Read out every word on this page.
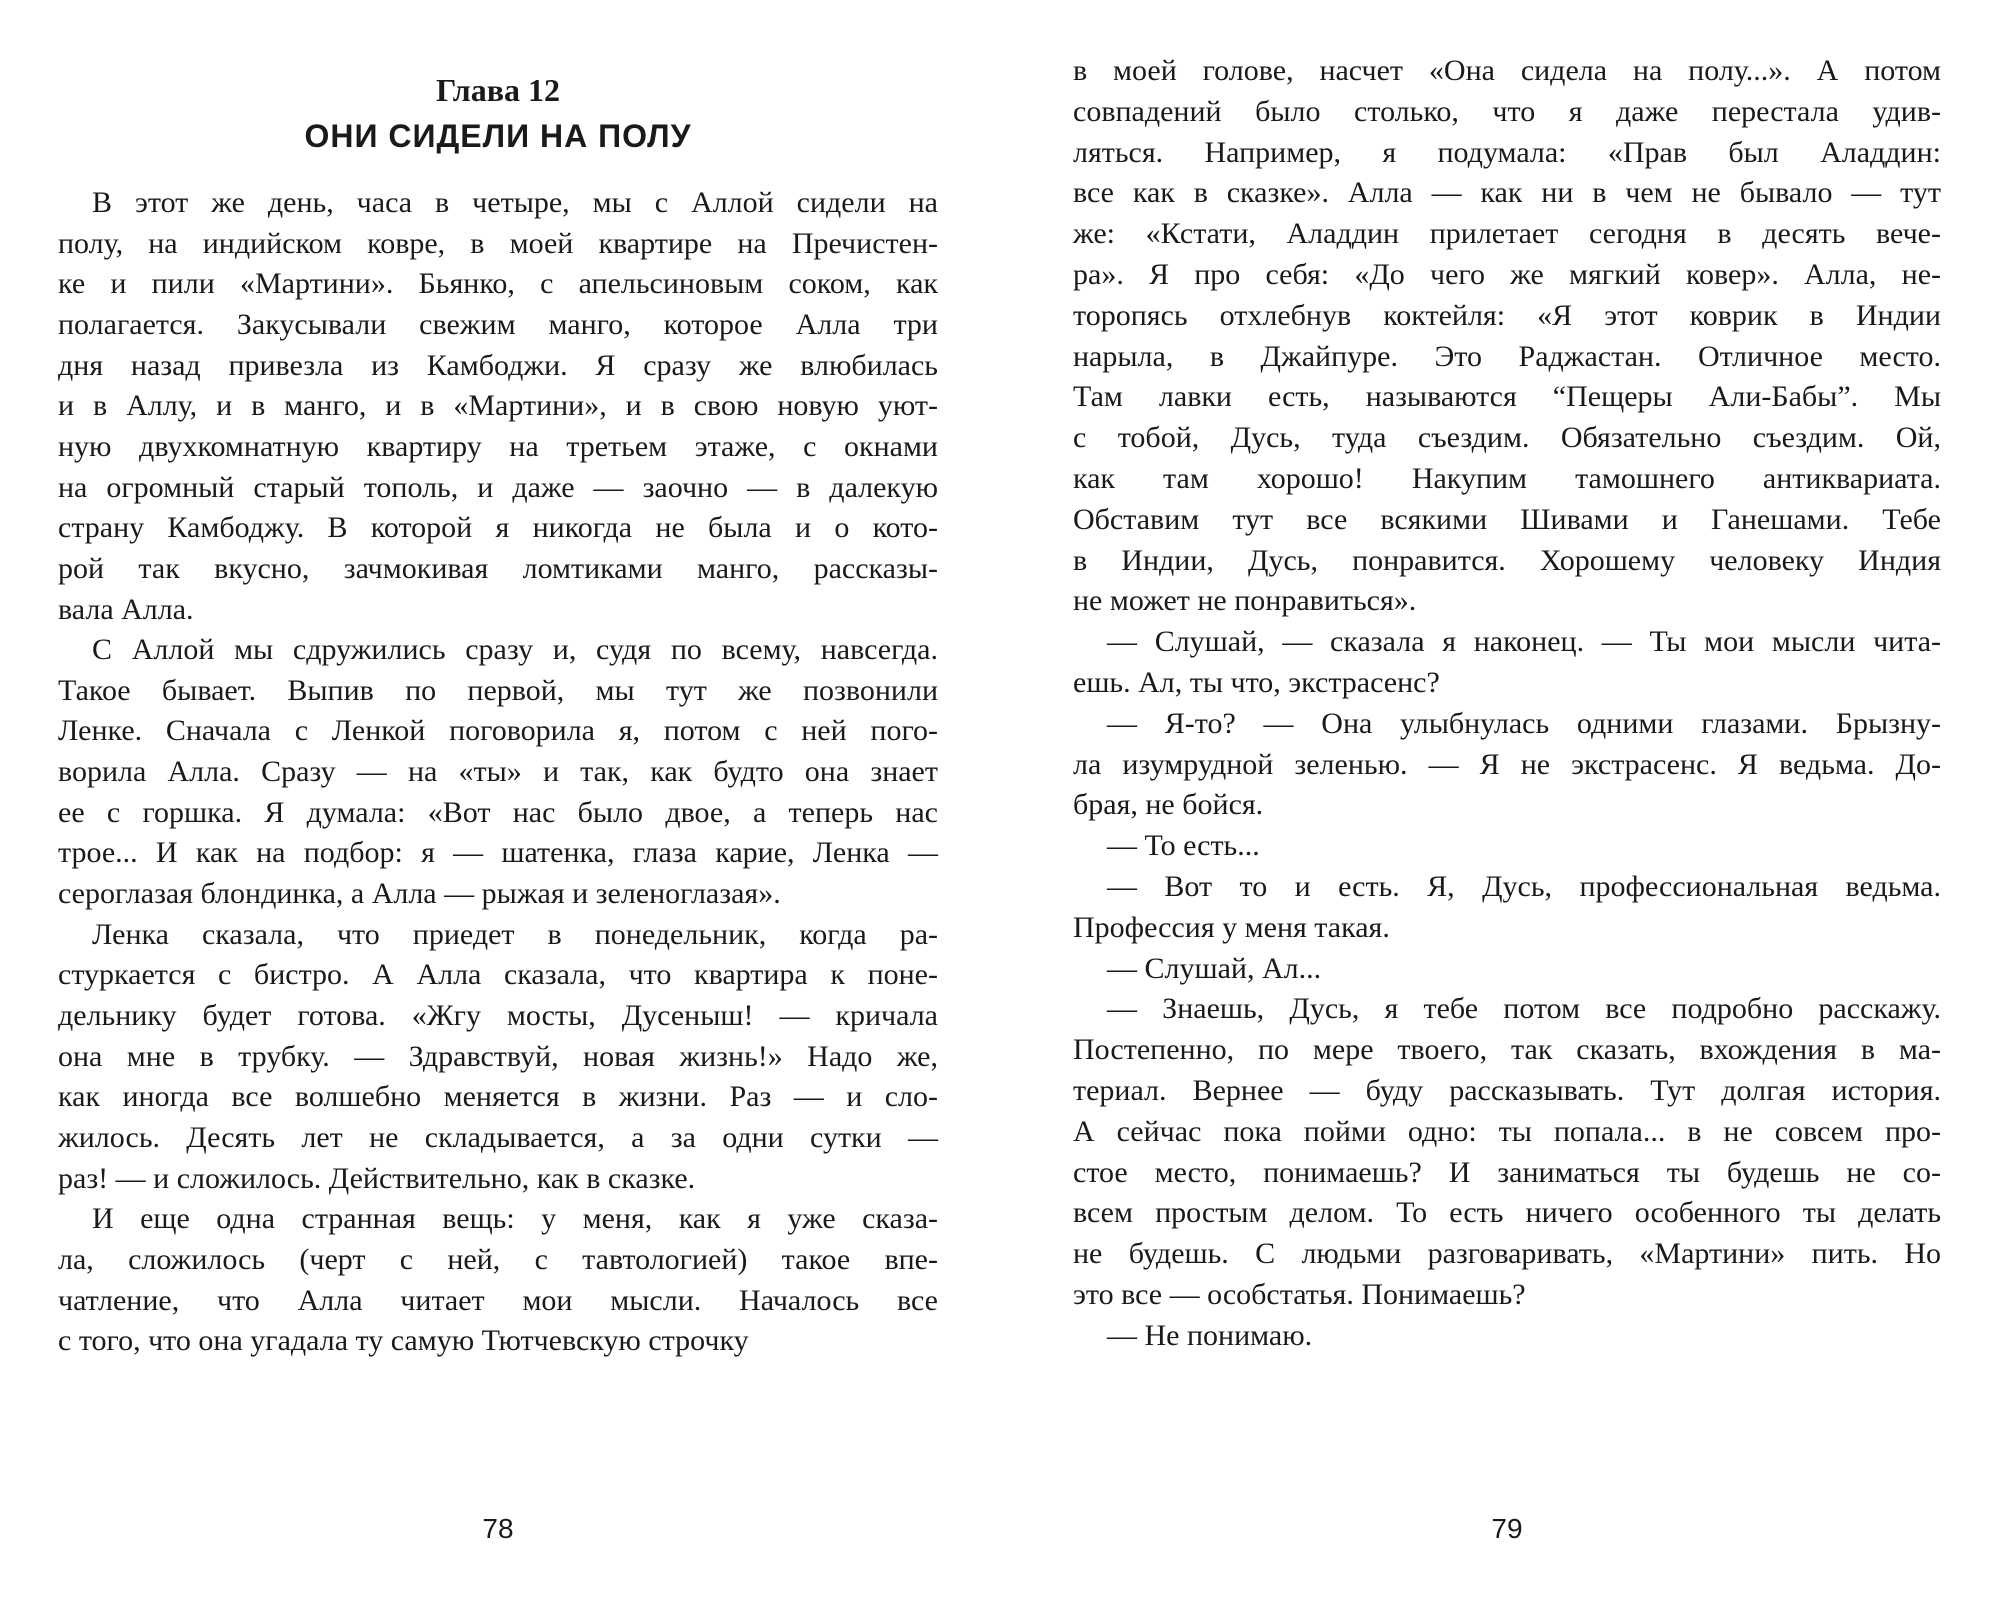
Глава 12
ОНИ СИДЕЛИ НА ПОЛУ
78
В этот же день, часа в четыре, мы с Аллой сидели на
полу, на индийском ковре, в моей квартире на Пречистен-
ке и пили «Мартини». Бьянко, с апельсиновым соком, как
полагается. Закусывали свежим манго, которое Алла три
дня назад привезла из Камбоджи. Я сразу же влюбилась
и в Аллу, и в манго, и в «Мартини», и в свою новую уют-
ную двухкомнатную квартиру на третьем этаже, с окнами
на огромный старый тополь, и даже — заочно — в далекую
страну Камбоджу. В которой я никогда не была и о кото-
рой так вкусно, зачмокивая ломтиками манго, рассказы-
вала Алла.
С Аллой мы сдружились сразу и, судя по всему, навсегда.
Такое бывает. Выпив по первой, мы тут же позвонили
Ленке. Сначала с Ленкой поговорила я, потом с ней пого-
ворила Алла. Сразу — на «ты» и так, как будто она знает
ее с горшка. Я думала: «Вот нас было двое, а теперь нас
трое... И как на подбор: я — шатенка, глаза карие, Ленка —
сероглазая блондинка, а Алла — рыжая и зеленоглазая».
Ленка сказала, что приедет в понедельник, когда ра-
стуркается с бистро. А Алла сказала, что квартира к поне-
дельнику будет готова. «Жгу мосты, Дусеныш! — кричала
она мне в трубку. — Здравствуй, новая жизнь!» Надо же,
как иногда все волшебно меняется в жизни. Раз — и сло-
жилось. Десять лет не складывается, а за одни сутки —
раз! — и сложилось. Действительно, как в сказке.
И еще одна странная вещь: у меня, как я уже сказа-
ла, сложилось (черт с ней, с тавтологией) такое впе-
чатление, что Алла читает мои мысли. Началось все
с того, что она угадала ту самую Тютчевскую строчку
79
в моей голове, насчет «Она сидела на полу...». А потом
совпадений было столько, что я даже перестала удив-
ляться. Например, я подумала: «Прав был Аладдин:
все как в сказке». Алла — как ни в чем не бывало — тут
же: «Кстати, Аладдин прилетает сегодня в десять вече-
ра». Я про себя: «До чего же мягкий ковер». Алла, не-
торопясь отхлебнув коктейля: «Я этот коврик в Индии
нарыла, в Джайпуре. Это Раджастан. Отличное место.
Там лавки есть, называются “Пещеры Али-Бабы”. Мы
с тобой, Дусь, туда съездим. Обязательно съездим. Ой,
как там хорошо! Накупим тамошнего антиквариата.
Обставим тут все всякими Шивами и Ганешами. Тебе
в Индии, Дусь, понравится. Хорошему человеку Индия
не может не понравиться».
— Слушай, — сказала я наконец. — Ты мои мысли чита-
ешь. Ал, ты что, экстрасенс?
— Я-то? — Она улыбнулась одними глазами. Брызну-
ла изумрудной зеленью. — Я не экстрасенс. Я ведьма. До-
брая, не бойся.
— То есть...
— Вот то и есть. Я, Дусь, профессиональная ведьма.
Профессия у меня такая.
— Слушай, Ал...
— Знаешь, Дусь, я тебе потом все подробно расскажу.
Постепенно, по мере твоего, так сказать, вхождения в ма-
териал. Вернее — буду рассказывать. Тут долгая история.
А сейчас пока пойми одно: ты попала... в не совсем про-
стое место, понимаешь? И заниматься ты будешь не со-
всем простым делом. То есть ничего особенного ты делать
не будешь. С людьми разговаривать, «Мартини» пить. Но
это все — особстатья. Понимаешь?
— Не понимаю.
